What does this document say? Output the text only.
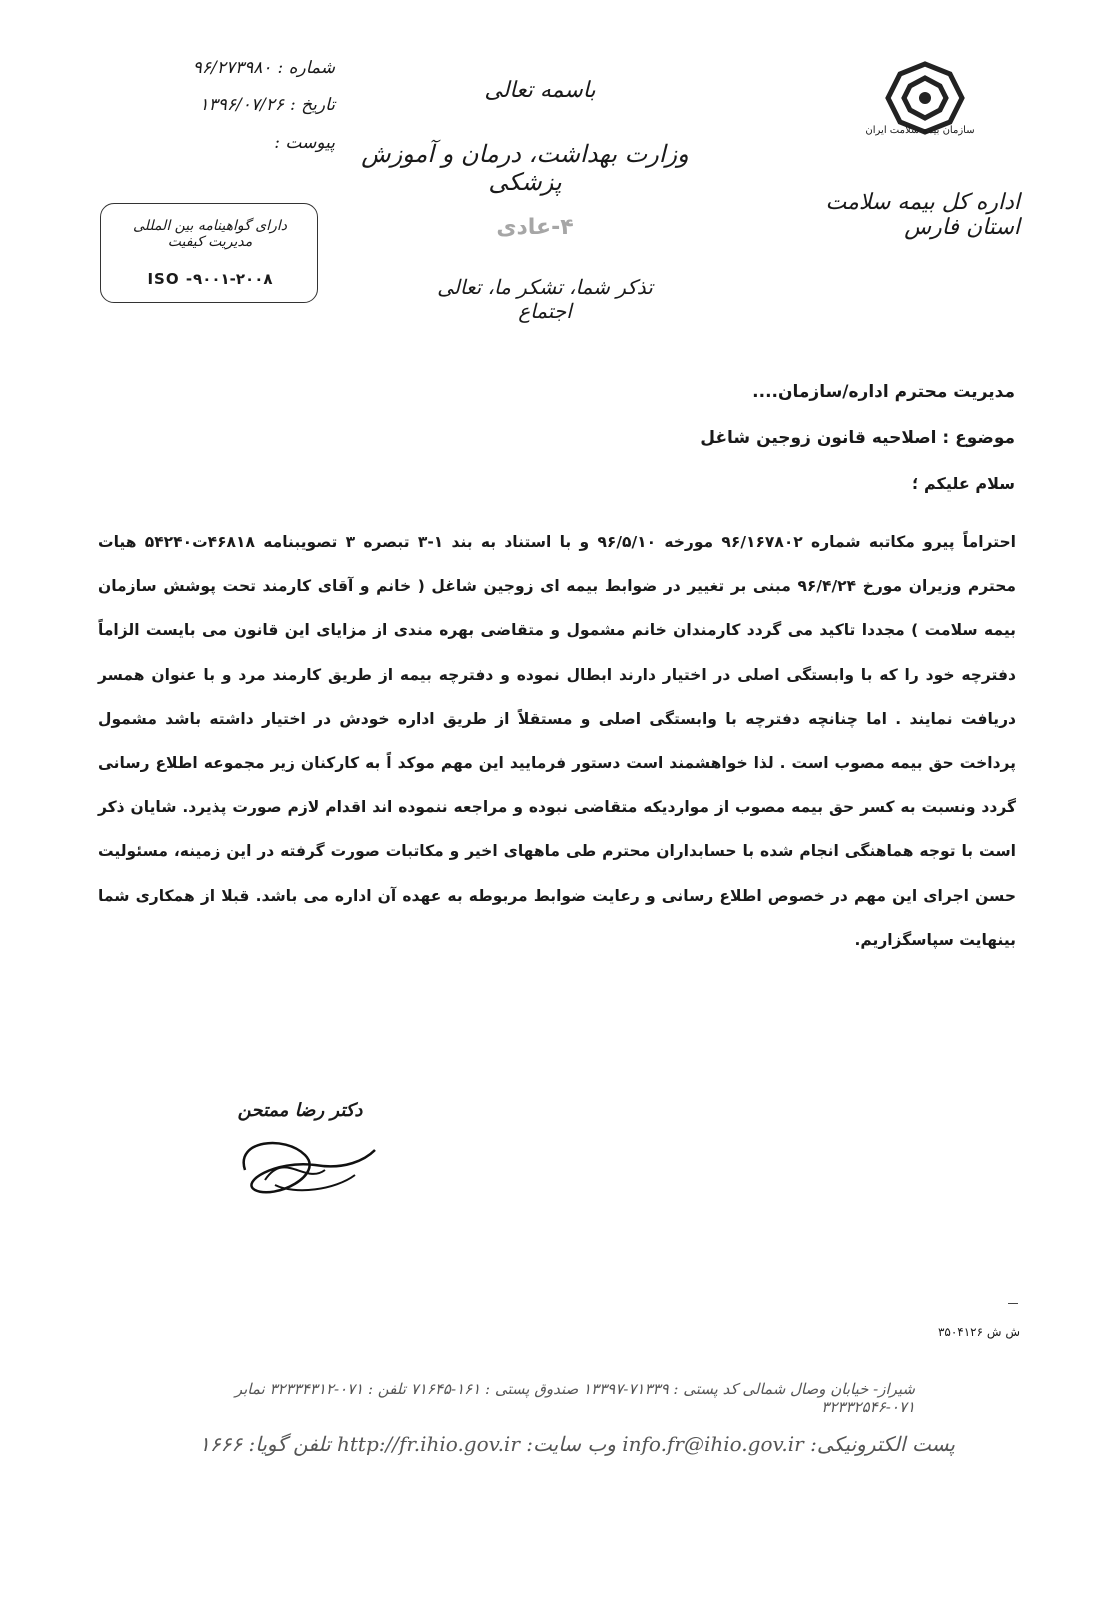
سازمان بیمه سلامت ایران
اداره کل بیمه سلامت استان فارس
باسمه تعالی
وزارت بهداشت، درمان و آموزش پزشکی
۴-عادی
تذکر شما، تشکر ما، تعالی اجتماع
شماره :۹۶/۲۷۳۹۸۰
تاریخ :۱۳۹۶/۰۷/۲۶
پیوست :
دارای گواهینامه بین المللی مدیریت کیفیت
ISO -۹۰۰۱-۲۰۰۸
مدیریت محترم اداره/سازمان....
موضوع : اصلاحیه قانون زوجین شاغل
سلام علیکم ؛
احتراماً پیرو مکاتبه شماره ۹۶/۱۶۷۸۰۲ مورخه ۹۶/۵/۱۰ و با استناد به بند ۱-۳ تبصره ۳ تصویبنامه ۴۶۸۱۸ت۵۴۲۴۰ هیات محترم وزیران مورخ ۹۶/۴/۲۴ مبنی بر تغییر در ضوابط بیمه ای زوجین شاغل ( خانم و آقای کارمند تحت پوشش سازمان بیمه سلامت ) مجددا تاکید می گردد کارمندان خانم مشمول و متقاضی بهره مندی از مزایای این قانون می بایست الزاماً دفترچه خود را که با وابستگی اصلی در اختیار دارند ابطال نموده و دفترچه بیمه از طریق کارمند مرد و با عنوان همسر دریافت نمایند . اما چنانچه دفترچه با وابستگی اصلی و مستقلاً از طریق اداره خودش در اختیار داشته باشد مشمول پرداخت حق بیمه مصوب است . لذا خواهشمند است دستور فرمایید این مهم موکد اً به کارکنان زیر مجموعه اطلاع رسانی گردد ونسبت به کسر حق بیمه مصوب از مواردیکه متقاضی نبوده و مراجعه ننموده اند اقدام لازم صورت پذیرد. شایان ذکر است با توجه هماهنگی انجام شده با حسابداران محترم طی ماههای اخیر و مکاتبات صورت گرفته در این زمینه، مسئولیت حسن اجرای این مهم در خصوص اطلاع رسانی و رعایت ضوابط مربوطه به عهده آن اداره می باشد. قبلا از همکاری شما بینهایت سپاسگزاریم.
دکتر رضا ممتحن
ش ش ۳۵۰۴۱۲۶
شیراز- خیابان وصال شمالی کد پستی : ۷۱۳۳۹-۱۳۳۹۷ صندوق پستی : ۱۶۱-۷۱۶۴۵ تلفن : ۰۷۱-۳۲۳۳۴۳۱۲ نمابر ۰۷۱-۳۲۳۳۲۵۴۶
پست الکترونیکی: info.fr@ihio.gov.ir وب سایت: http://fr.ihio.gov.ir تلفن گویا: ۱۶۶۶
